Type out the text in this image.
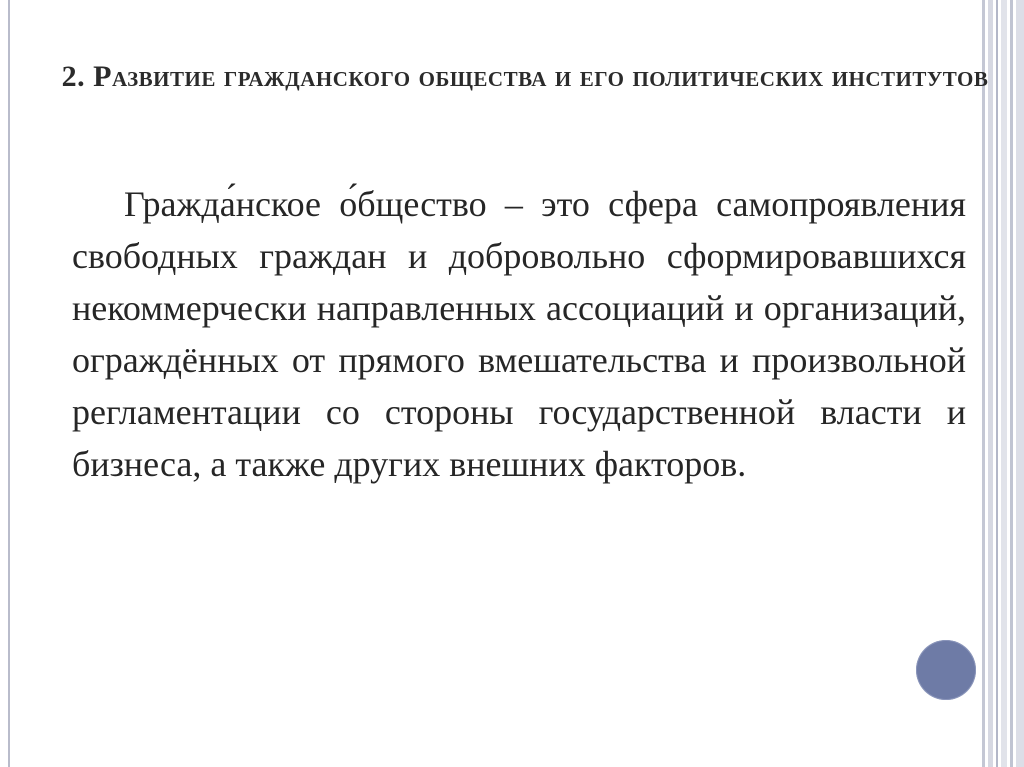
2. Развитие гражданского общества и его политических институтов

Гражда́нское о́бщество – это сфера самопроявления свободных граждан и добровольно сформировавшихся некоммерчески направленных ассоциаций и организаций, ограждённых от прямого вмешательства и произвольной регламентации со стороны государственной власти и бизнеса, а также других внешних факторов.
